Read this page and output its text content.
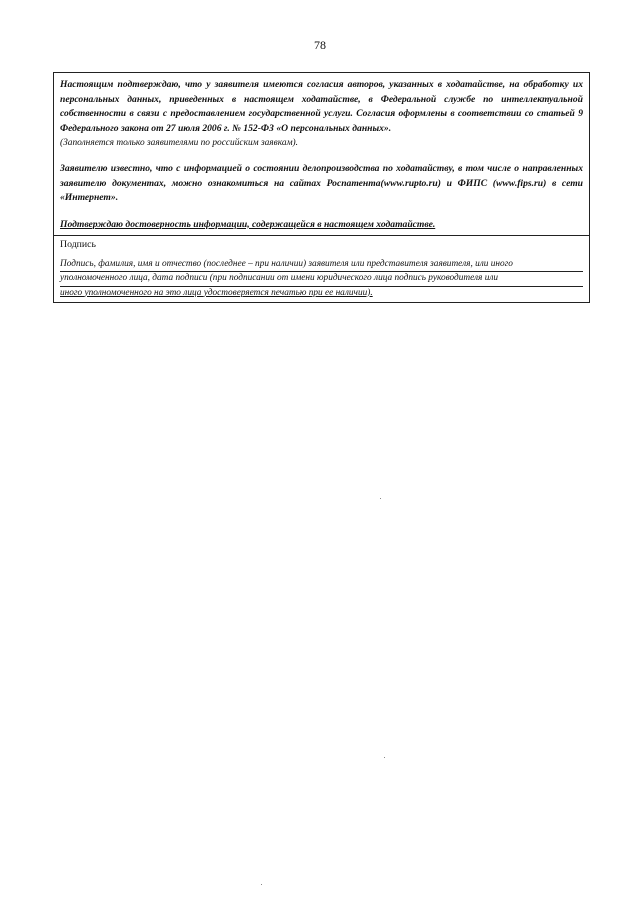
78

Настоящим подтверждаю, что у заявителя имеются согласия авторов, указанных в ходатайстве, на обработку их персональных данных, приведенных в настоящем ходатайстве, в Федеральной службе по интеллектуальной собственности в связи с предоставлением государственной услуги. Согласия оформлены в соответствии со статьей 9 Федерального закона от 27 июля 2006 г. № 152-ФЗ «О персональных данных».

(Заполняется только заявителями по российским заявкам).

Заявителю известно, что с информацией о состоянии делопроизводства по ходатайству, в том числе о направленных заявителю документах, можно ознакомиться на сайтах Роспатента(www.rupto.ru) и ФИПС (www.fips.ru) в сети «Интернет».

Подтверждаю достоверность информации, содержащейся в настоящем ходатайстве.

Подпись

Подпись, фамилия, имя и отчество (последнее – при наличии) заявителя или представителя заявителя, или иного
уполномоченного лица, дата подписи (при подписании от имени юридического лица подпись руководителя или
иного уполномоченного на это лица удостоверяется печатью при ее наличии).
